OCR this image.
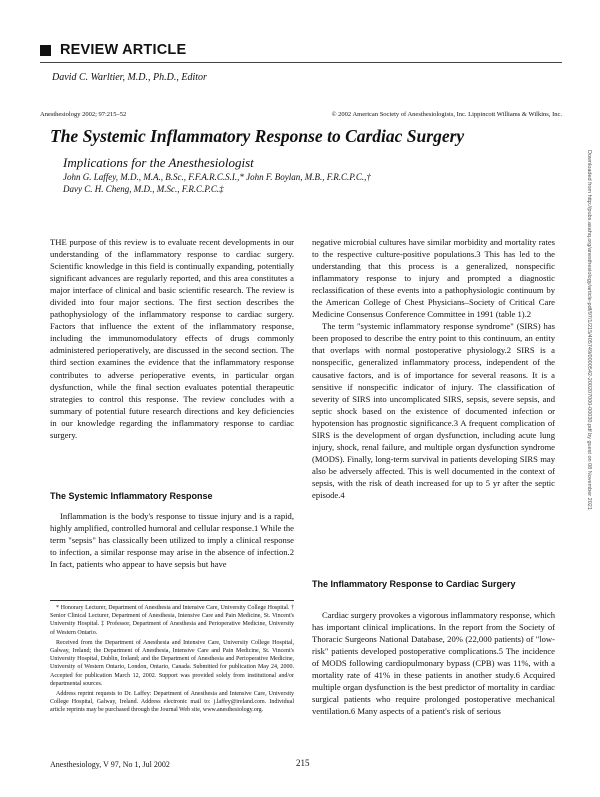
REVIEW ARTICLE
David C. Warltier, M.D., Ph.D., Editor
Anesthesiology 2002; 97:215–52	© 2002 American Society of Anesthesiologists, Inc. Lippincott Williams & Wilkins, Inc.
The Systemic Inflammatory Response to Cardiac Surgery
Implications for the Anesthesiologist
John G. Laffey, M.D., M.A., B.Sc., F.F.A.R.C.S.I.,* John F. Boylan, M.B., F.R.C.P.C.,†
Davy C. H. Cheng, M.D., M.Sc., F.R.C.P.C.‡	Downloaded from http://pubs.asahq.org/anesthesiology/article-pdf/97/1/215/405749/0000542-200207000-00030.pdf by guest on 08 November 2021

THE purpose of this review is to evaluate recent developments in our understanding of the inflammatory response to cardiac surgery. Scientific knowledge in this field is continually expanding, potentially significant advances are regularly reported, and this area constitutes a major interface of clinical and basic scientific research. The review is divided into four major sections. The first section describes the pathophysiology of the inflammatory response to cardiac surgery. Factors that influence the extent of the inflammatory response, including the immunomodulatory effects of drugs commonly administered perioperatively, are discussed in the second section. The third section examines the evidence that the inflammatory response contributes to adverse perioperative events, in particular organ dysfunction, while the final section evaluates potential therapeutic strategies to control this response. The review concludes with a summary of potential future research directions and key deficiencies in our knowledge regarding the inflammatory response to cardiac surgery.

The Systemic Inflammatory Response

Inflammation is the body's response to tissue injury and is a rapid, highly amplified, controlled humoral and cellular response.1 While the term "sepsis" has classically been utilized to imply a clinical response to infection, a similar response may arise in the absence of infection.2 In fact, patients who appear to have sepsis but have

* Honorary Lecturer, Department of Anesthesia and Intensive Care, University College Hospital. † Senior Clinical Lecturer, Department of Anesthesia, Intensive Care and Pain Medicine, St. Vincent's University Hospital. ‡ Professor, Department of Anesthesia and Perioperative Medicine, University of Western Ontario.

Received from the Department of Anesthesia and Intensive Care, University College Hospital, Galway, Ireland; the Department of Anesthesia, Intensive Care and Pain Medicine, St. Vincent's University Hospital, Dublin, Ireland; and the Department of Anesthesia and Perioperative Medicine, University of Western Ontario, London, Ontario, Canada. Submitted for publication May 24, 2000. Accepted for publication March 12, 2002. Support was provided solely from institutional and/or departmental sources.

Address reprint requests to Dr. Laffey: Department of Anesthesia and Intensive Care, University College Hospital, Galway, Ireland. Address electronic mail to: j.laffey@ireland.com. Individual article reprints may be purchased through the Journal Web site, www.anesthesiology.org.

negative microbial cultures have similar morbidity and mortality rates to the respective culture-positive populations.3 This has led to the understanding that this process is a generalized, nonspecific inflammatory response to injury and prompted a diagnostic reclassification of these events into a pathophysiologic continuum by the American College of Chest Physicians–Society of Critical Care Medicine Consensus Conference Committee in 1991 (table 1).2

The term "systemic inflammatory response syndrome" (SIRS) has been proposed to describe the entry point to this continuum, an entity that overlaps with normal postoperative physiology.2 SIRS is a nonspecific, generalized inflammatory process, independent of the causative factors, and is of importance for several reasons. It is a sensitive if nonspecific indicator of injury. The classification of severity of SIRS into uncomplicated SIRS, sepsis, severe sepsis, and septic shock based on the existence of documented infection or hypotension has prognostic significance.3 A frequent complication of SIRS is the development of organ dysfunction, including acute lung injury, shock, renal failure, and multiple organ dysfunction syndrome (MODS). Finally, long-term survival in patients developing SIRS may also be adversely affected. This is well documented in the context of sepsis, with the risk of death increased for up to 5 yr after the septic episode.4

The Inflammatory Response to Cardiac Surgery

Cardiac surgery provokes a vigorous inflammatory response, which has important clinical implications. In the report from the Society of Thoracic Surgeons National Database, 20% (22,000 patients) of "low-risk" patients developed postoperative complications.5 The incidence of MODS following cardiopulmonary bypass (CPB) was 11%, with a mortality rate of 41% in these patients in another study.6 Acquired multiple organ dysfunction is the best predictor of mortality in cardiac surgical patients who require prolonged postoperative mechanical ventilation.6 Many aspects of a patient's risk of serious

Anesthesiology, V 97, No 1, Jul 2002	215
